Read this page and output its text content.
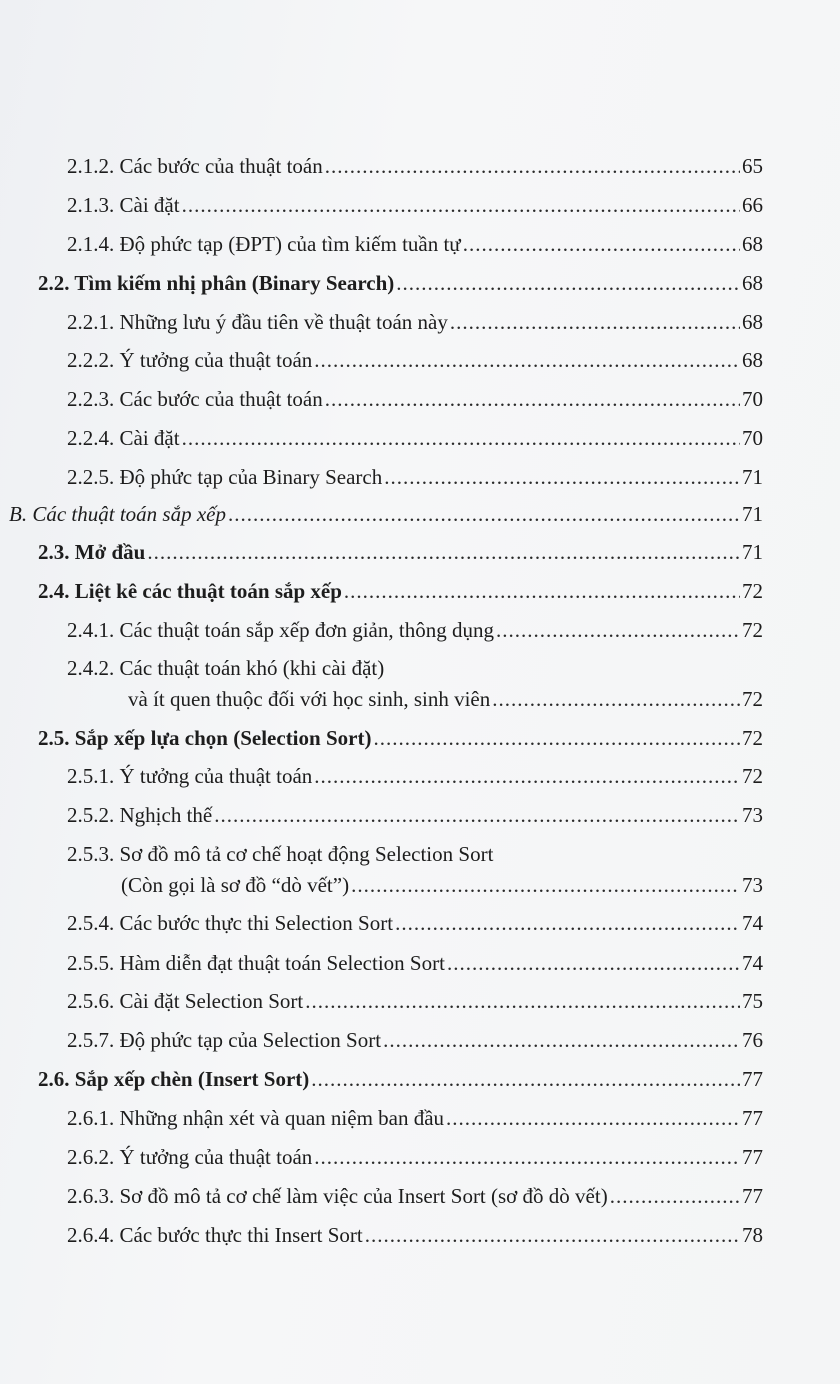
2.1.2. Các bước của thuật toán .....	65
2.1.3. Cài đặt .....	66
2.1.4. Độ phức tạp (ĐPT) của tìm kiếm tuần tự .....	68
2.2. Tìm kiếm nhị phân (Binary Search) .....	68
2.2.1. Những lưu ý đầu tiên về thuật toán này .....	68
2.2.2. Ý tưởng của thuật toán .....	68
2.2.3. Các bước của thuật toán .....	70
2.2.4. Cài đặt .....	70
2.2.5. Độ phức tạp của Binary Search .....	71
B. Các thuật toán sắp xếp .....	71
2.3. Mở đầu .....	71
2.4. Liệt kê các thuật toán sắp xếp .....	72
2.4.1. Các thuật toán sắp xếp đơn giản, thông dụng .....	72
2.4.2. Các thuật toán khó (khi cài đặt)
và ít quen thuộc đối với học sinh, sinh viên .....	72
2.5. Sắp xếp lựa chọn (Selection Sort) .....	72
2.5.1. Ý tưởng của thuật toán .....	72
2.5.2. Nghịch thế .....	73
2.5.3. Sơ đồ mô tả cơ chế hoạt động Selection Sort
(Còn gọi là sơ đồ “dò vết”) .....	73
2.5.4. Các bước thực thi Selection Sort .....	74
2.5.5. Hàm diễn đạt thuật toán Selection Sort .....	74
2.5.6. Cài đặt Selection Sort .....	75
2.5.7. Độ phức tạp của Selection Sort .....	76
2.6. Sắp xếp chèn (Insert Sort) .....	77
2.6.1. Những nhận xét và quan niệm ban đầu .....	77
2.6.2. Ý tưởng của thuật toán .....	77
2.6.3. Sơ đồ mô tả cơ chế làm việc của Insert Sort (sơ đồ dò vết) .....	77
2.6.4. Các bước thực thi Insert Sort .....	78
